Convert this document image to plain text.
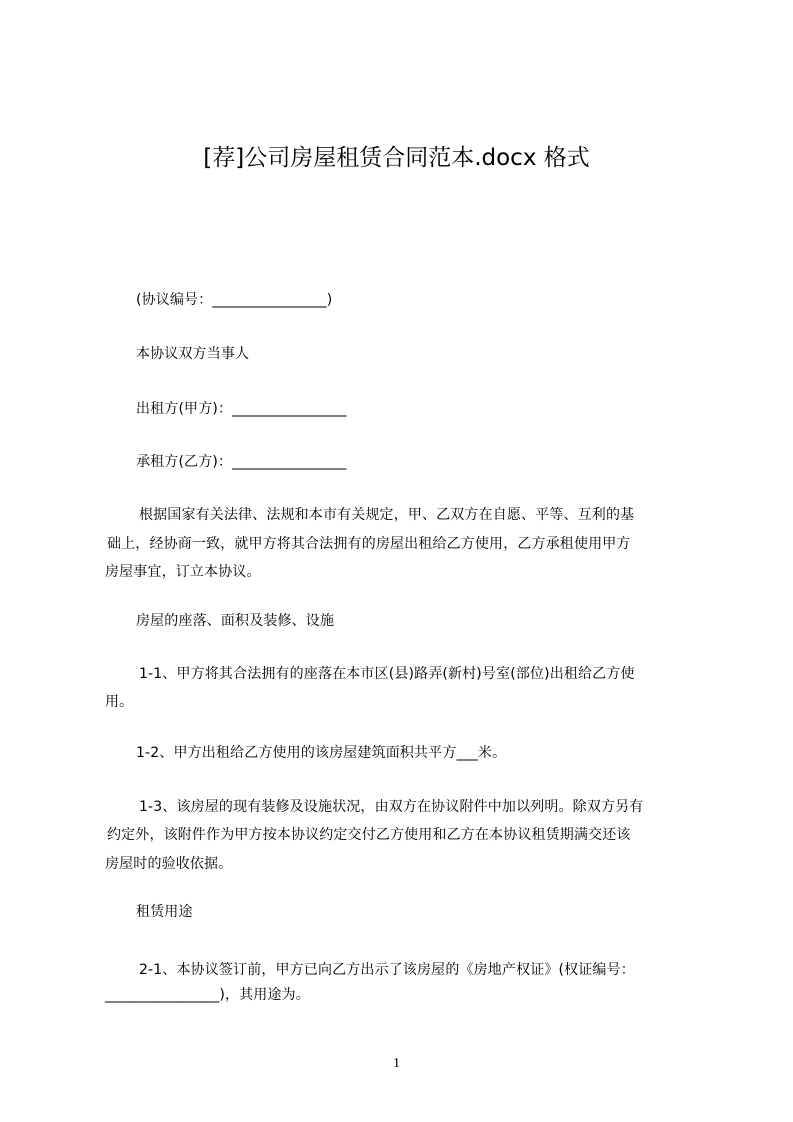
[荐]公司房屋租赁合同范本.docx 格式
(协议编号：________________)
本协议双方当事人
出租方(甲方)：________________
承租方(乙方)：________________
根据国家有关法律、法规和本市有关规定，甲、乙双方在自愿、平等、互利的基
础上，经协商一致，就甲方将其合法拥有的房屋出租给乙方使用，乙方承租使用甲方
房屋事宜，订立本协议。
房屋的座落、面积及装修、设施
1-1、甲方将其合法拥有的座落在本市区(县)路弄(新村)号室(部位)出租给乙方使
用。
1-2、甲方出租给乙方使用的该房屋建筑面积共平方___米。
1-3、该房屋的现有装修及设施状况，由双方在协议附件中加以列明。除双方另有
约定外，该附件作为甲方按本协议约定交付乙方使用和乙方在本协议租赁期满交还该
房屋时的验收依据。
租赁用途
2-1、本协议签订前，甲方已向乙方出示了该房屋的《房地产权证》(权证编号：
________________)，其用途为。
1
